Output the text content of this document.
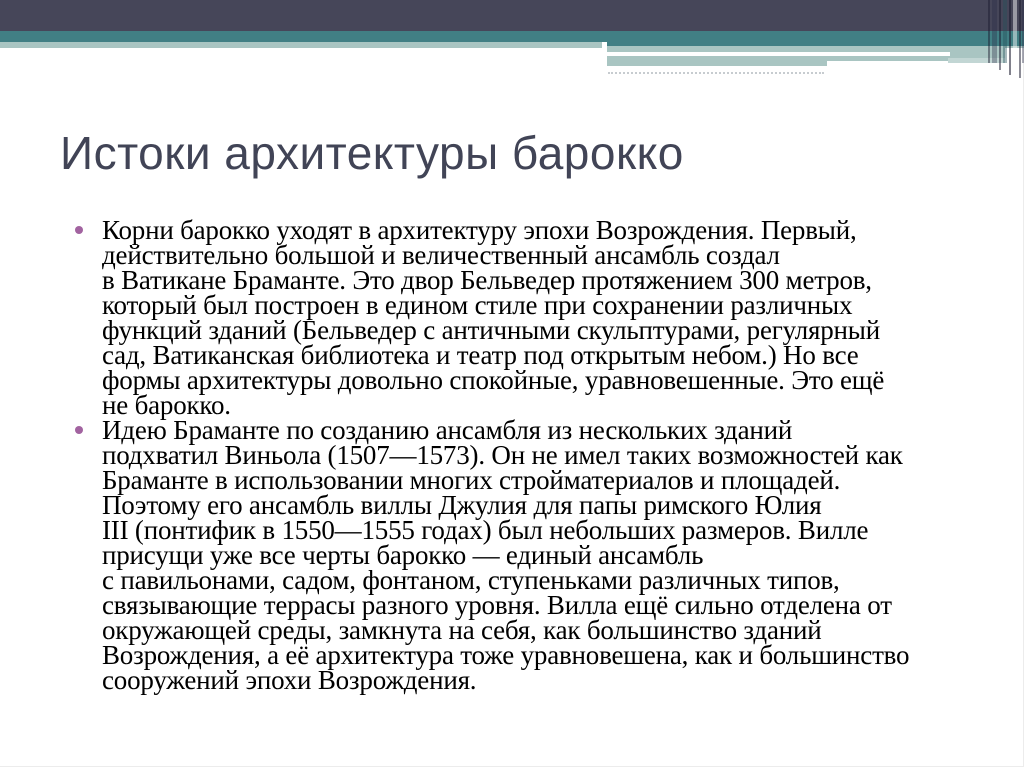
Истоки архитектуры барокко
Корни барокко уходят в архитектуру эпохи Возрождения. Первый,
действительно большой и величественный ансамбль создал
в Ватикане Браманте. Это двор Бельведер протяжением 300 метров,
который был построен в едином стиле при сохранении различных
функций зданий (Бельведер с античными скульптурами, регулярный
сад, Ватиканская библиотека и театр под открытым небом.) Но все
формы архитектуры довольно спокойные, уравновешенные. Это ещё
не барокко.
Идею Браманте по созданию ансамбля из нескольких зданий
подхватил Виньола (1507—1573). Он не имел таких возможностей как
Браманте в использовании многих стройматериалов и площадей.
Поэтому его ансамбль виллы Джулия для папы римского Юлия
III (понтифик в 1550—1555 годах) был небольших размеров. Вилле
присущи уже все черты барокко — единый ансамбль
с павильонами, садом, фонтаном, ступеньками различных типов,
связывающие террасы разного уровня. Вилла ещё сильно отделена от
окружающей среды, замкнута на себя, как большинство зданий
Возрождения, а её архитектура тоже уравновешена, как и большинство
сооружений эпохи Возрождения.
